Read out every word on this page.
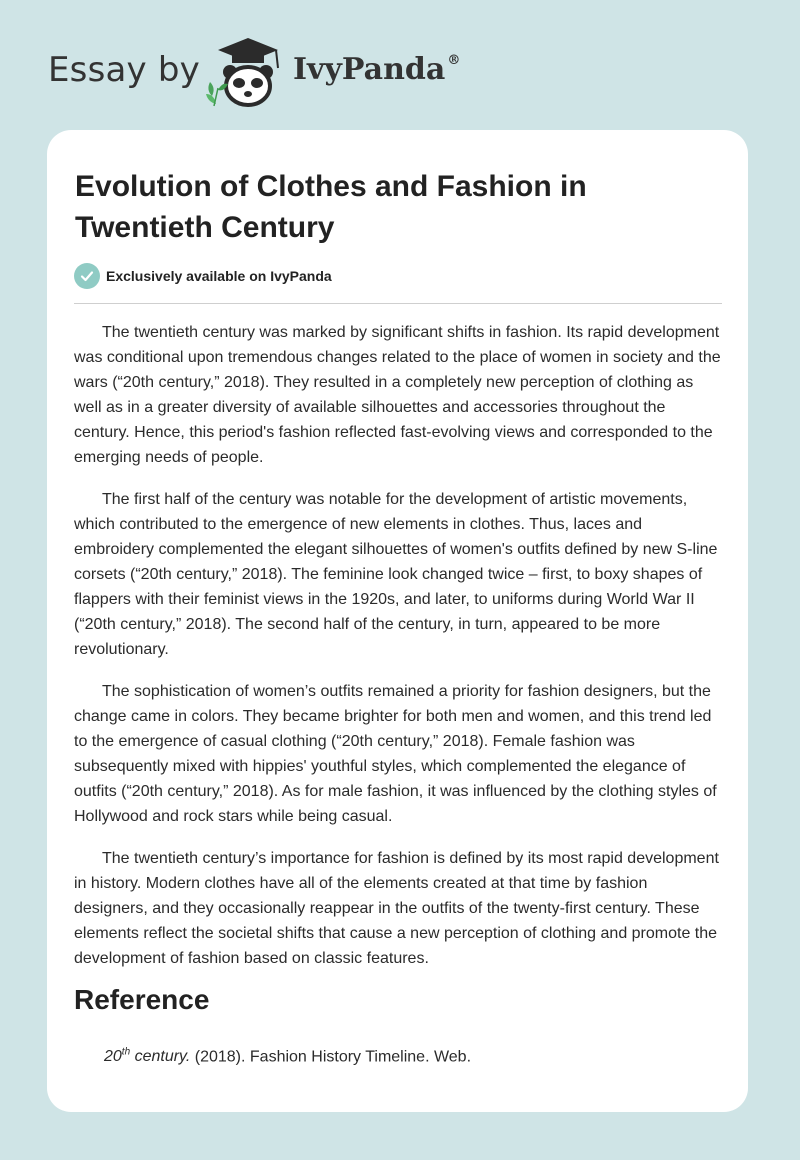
Essay by	IvyPanda ®
Evolution of Clothes and Fashion in Twentieth Century
Exclusively available on IvyPanda

The twentieth century was marked by significant shifts in fashion. Its rapid development was conditional upon tremendous changes related to the place of women in society and the wars (“20th century,” 2018). They resulted in a completely new perception of clothing as well as in a greater diversity of available silhouettes and accessories throughout the century. Hence, this period's fashion reflected fast-evolving views and corresponded to the emerging needs of people.

The first half of the century was notable for the development of artistic movements, which contributed to the emergence of new elements in clothes. Thus, laces and embroidery complemented the elegant silhouettes of women's outfits defined by new S-line corsets (“20th century,” 2018). The feminine look changed twice – first, to boxy shapes of flappers with their feminist views in the 1920s, and later, to uniforms during World War II (“20th century,” 2018). The second half of the century, in turn, appeared to be more revolutionary.

The sophistication of women’s outfits remained a priority for fashion designers, but the change came in colors. They became brighter for both men and women, and this trend led to the emergence of casual clothing (“20th century,” 2018). Female fashion was subsequently mixed with hippies' youthful styles, which complemented the elegance of outfits (“20th century,” 2018). As for male fashion, it was influenced by the clothing styles of Hollywood and rock stars while being casual.

The twentieth century’s importance for fashion is defined by its most rapid development in history. Modern clothes have all of the elements created at that time by fashion designers, and they occasionally reappear in the outfits of the twenty-first century. These elements reflect the societal shifts that cause a new perception of clothing and promote the development of fashion based on classic features.

Reference

20th century. (2018). Fashion History Timeline. Web.
